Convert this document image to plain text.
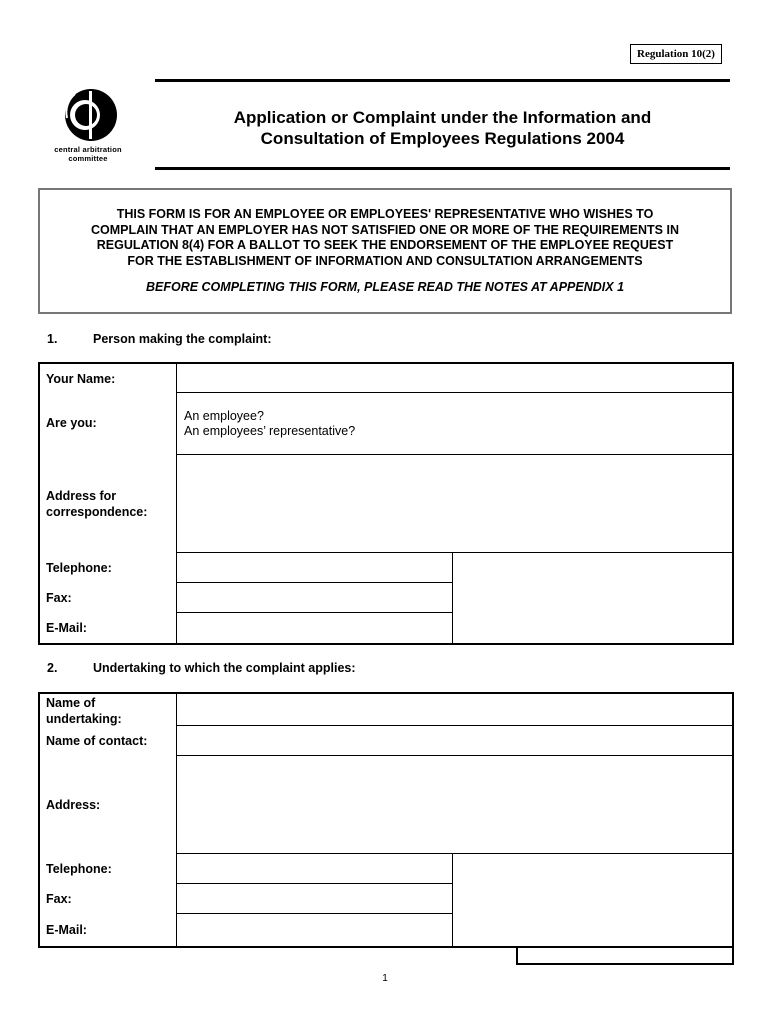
Regulation 10(2)
central arbitration
committee
Application or Complaint under the Information and
Consultation of Employees Regulations 2004
THIS FORM IS FOR AN EMPLOYEE OR EMPLOYEES' REPRESENTATIVE WHO WISHES TO
COMPLAIN THAT AN EMPLOYER HAS NOT SATISFIED ONE OR MORE OF THE REQUIREMENTS IN
REGULATION 8(4) FOR A BALLOT TO SEEK THE ENDORSEMENT OF THE EMPLOYEE REQUEST
FOR THE ESTABLISHMENT OF INFORMATION AND CONSULTATION ARRANGEMENTS
BEFORE COMPLETING THIS FORM, PLEASE READ THE NOTES AT APPENDIX 1
1.	Person making the complaint:
Your Name:
Are you:	An employee?
An employees’ representative?
Address for
correspondence:
Telephone:
Fax:
E-Mail:
2.	Undertaking to which the complaint applies:
Name of
undertaking:
Name of contact:
Address:
Telephone:
Fax:
E-Mail:
1
